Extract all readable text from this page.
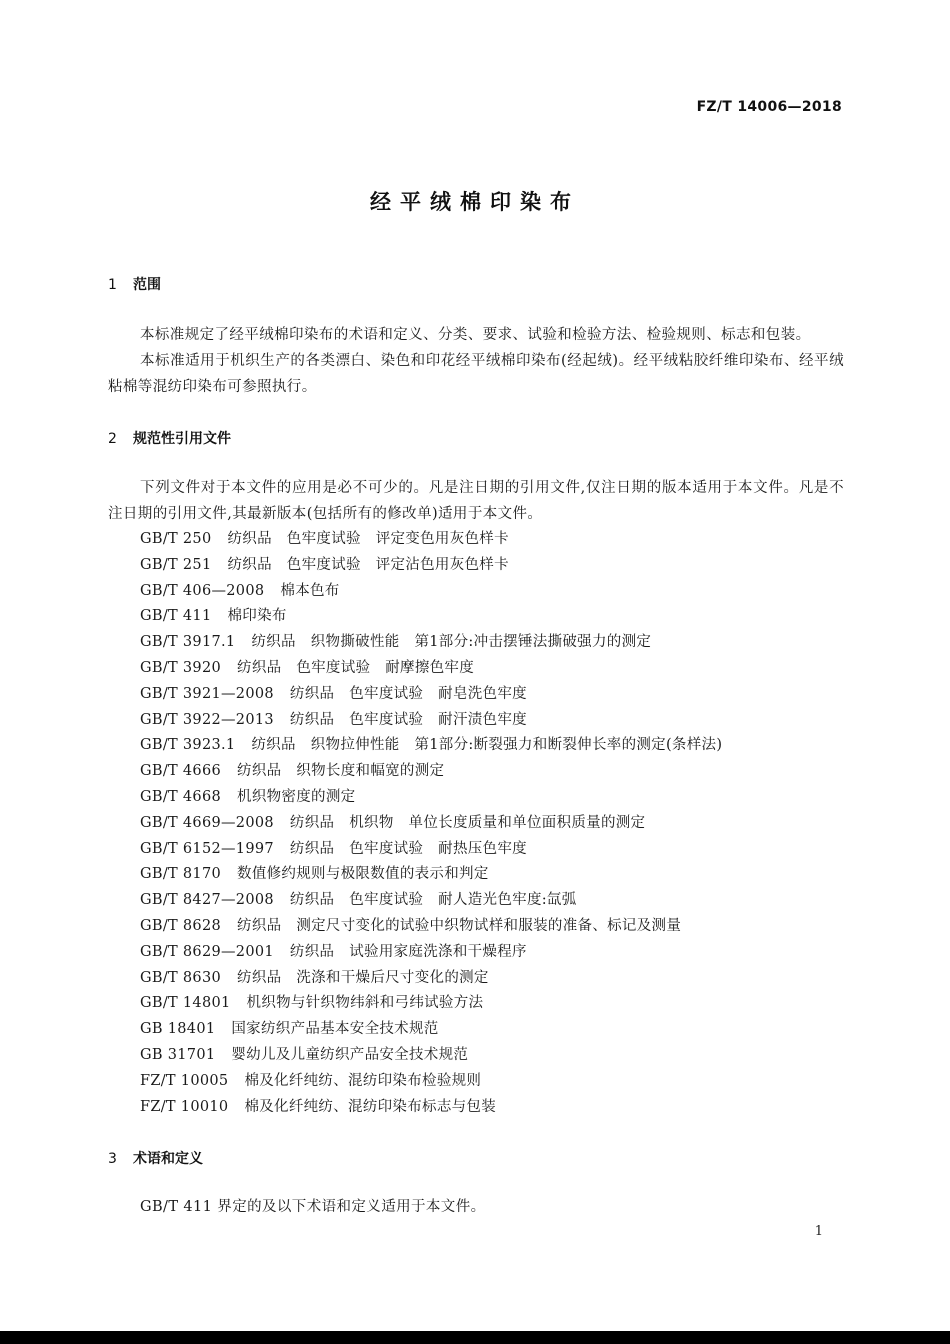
FZ/T 14006—2018
经平绒棉印染布
1 范围

本标准规定了经平绒棉印染布的术语和定义、分类、要求、试验和检验方法、检验规则、标志和包装。

本标准适用于机织生产的各类漂白、染色和印花经平绒棉印染布(经起绒)。经平绒粘胶纤维印染布、经平绒粘棉等混纺印染布可参照执行。

2 规范性引用文件

下列文件对于本文件的应用是必不可少的。凡是注日期的引用文件,仅注日期的版本适用于本文件。凡是不注日期的引用文件,其最新版本(包括所有的修改单)适用于本文件。

GB/T 250 纺织品 色牢度试验 评定变色用灰色样卡
GB/T 251 纺织品 色牢度试验 评定沾色用灰色样卡
GB/T 406—2008 棉本色布
GB/T 411 棉印染布
GB/T 3917.1 纺织品 织物撕破性能 第1部分:冲击摆锤法撕破强力的测定
GB/T 3920 纺织品 色牢度试验 耐摩擦色牢度
GB/T 3921—2008 纺织品 色牢度试验 耐皂洗色牢度
GB/T 3922—2013 纺织品 色牢度试验 耐汗渍色牢度
GB/T 3923.1 纺织品 织物拉伸性能 第1部分:断裂强力和断裂伸长率的测定(条样法)
GB/T 4666 纺织品 织物长度和幅宽的测定
GB/T 4668 机织物密度的测定
GB/T 4669—2008 纺织品 机织物 单位长度质量和单位面积质量的测定
GB/T 6152—1997 纺织品 色牢度试验 耐热压色牢度
GB/T 8170 数值修约规则与极限数值的表示和判定
GB/T 8427—2008 纺织品 色牢度试验 耐人造光色牢度:氙弧
GB/T 8628 纺织品 测定尺寸变化的试验中织物试样和服装的准备、标记及测量
GB/T 8629—2001 纺织品 试验用家庭洗涤和干燥程序
GB/T 8630 纺织品 洗涤和干燥后尺寸变化的测定
GB/T 14801 机织物与针织物纬斜和弓纬试验方法
GB 18401 国家纺织产品基本安全技术规范
GB 31701 婴幼儿及儿童纺织产品安全技术规范
FZ/T 10005 棉及化纤纯纺、混纺印染布检验规则
FZ/T 10010 棉及化纤纯纺、混纺印染布标志与包装
3 术语和定义

GB/T 411 界定的及以下术语和定义适用于本文件。

1
